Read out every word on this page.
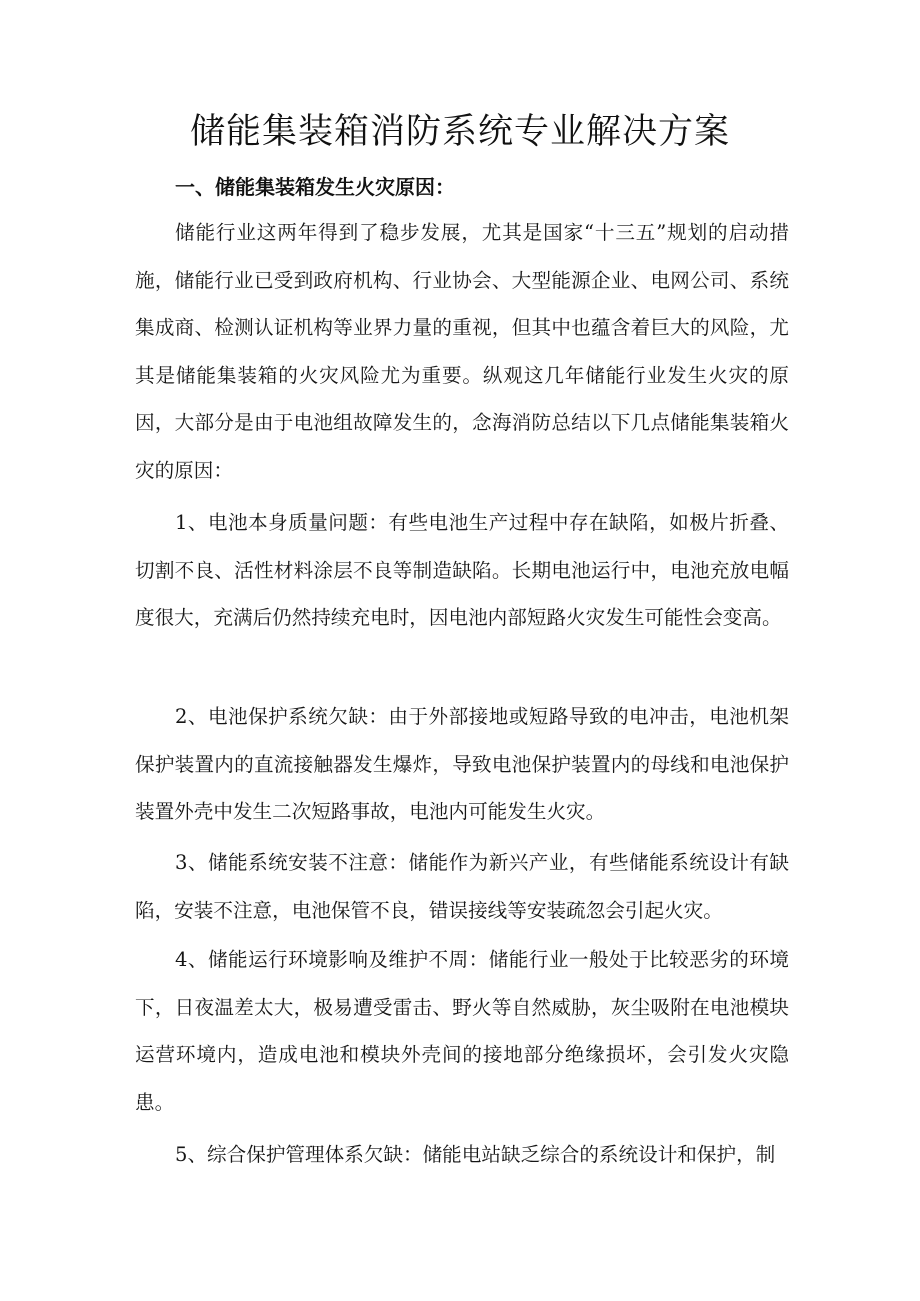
储能集装箱消防系统专业解决方案
一、储能集装箱发生火灾原因：

储能行业这两年得到了稳步发展，尤其是国家“十三五”规划的启动措施，储能行业已受到政府机构、行业协会、大型能源企业、电网公司、系统集成商、检测认证机构等业界力量的重视，但其中也蕴含着巨大的风险，尤其是储能集装箱的火灾风险尤为重要。纵观这几年储能行业发生火灾的原因，大部分是由于电池组故障发生的，念海消防总结以下几点储能集装箱火灾的原因：

1、电池本身质量问题：有些电池生产过程中存在缺陷，如极片折叠、切割不良、活性材料涂层不良等制造缺陷。长期电池运行中，电池充放电幅度很大，充满后仍然持续充电时，因电池内部短路火灾发生可能性会变高。

2、电池保护系统欠缺：由于外部接地或短路导致的电冲击，电池机架保护装置内的直流接触器发生爆炸，导致电池保护装置内的母线和电池保护装置外壳中发生二次短路事故，电池内可能发生火灾。

3、储能系统安装不注意：储能作为新兴产业，有些储能系统设计有缺陷，安装不注意，电池保管不良，错误接线等安装疏忽会引起火灾。

4、储能运行环境影响及维护不周：储能行业一般处于比较恶劣的环境下，日夜温差太大，极易遭受雷击、野火等自然威胁，灰尘吸附在电池模块运营环境内，造成电池和模块外壳间的接地部分绝缘损坏，会引发火灾隐患。

5、综合保护管理体系欠缺：储能电站缺乏综合的系统设计和保护，制
